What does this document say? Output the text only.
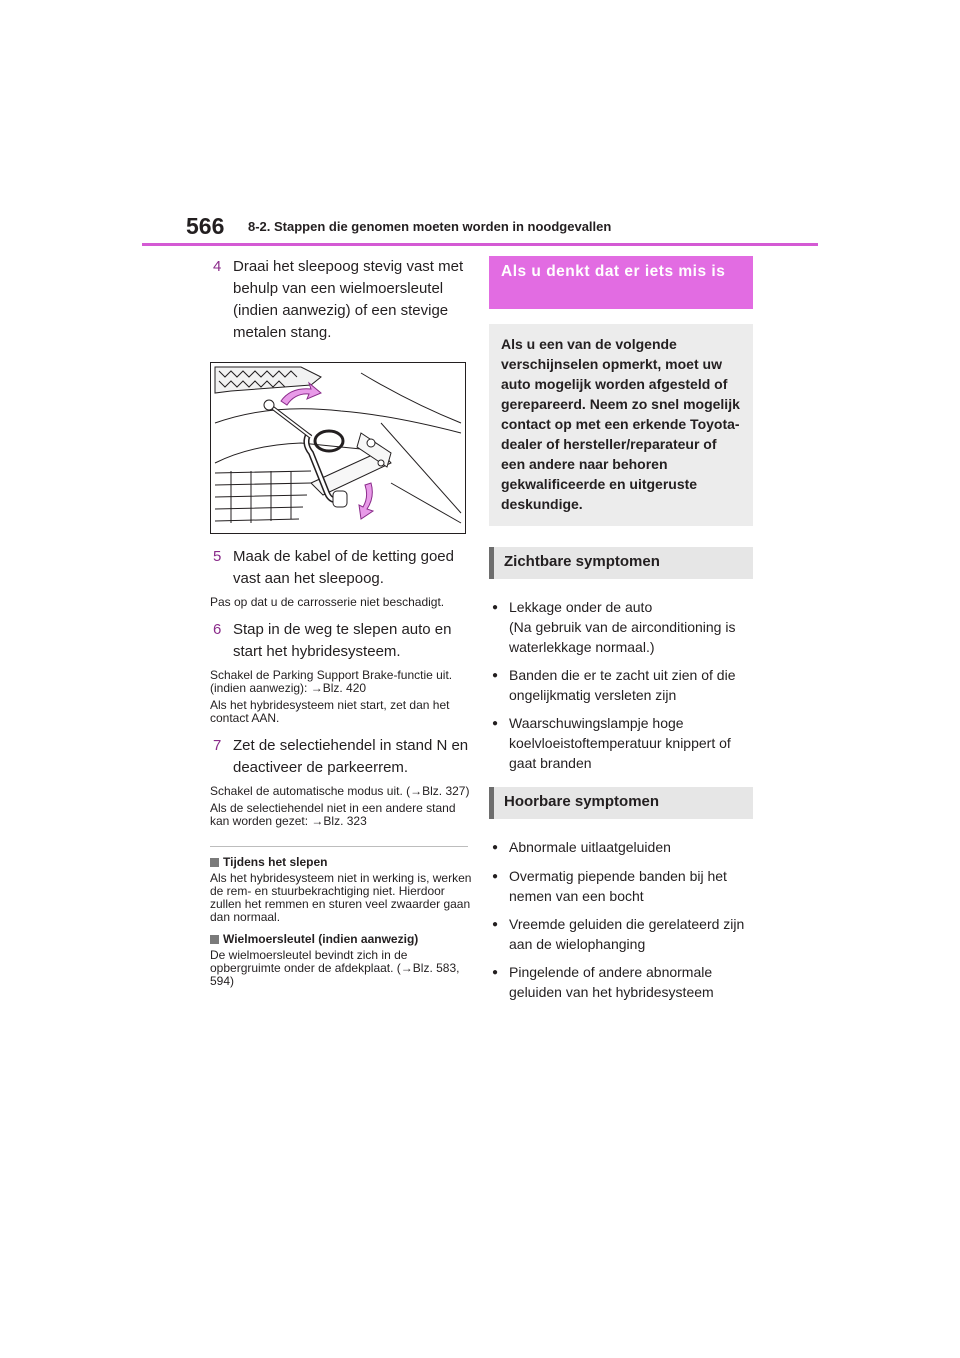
566 8-2. Stappen die genomen moeten worden in noodgevallen
4 Draai het sleepoog stevig vast met behulp van een wielmoersleutel (indien aanwezig) of een stevige metalen stang.
5 Maak de kabel of de ketting goed vast aan het sleepoog.

Pas op dat u de carrosserie niet beschadigt.

6 Stap in de weg te slepen auto en start het hybridesysteem.

Schakel de Parking Support Brake-functie uit. (indien aanwezig): →Blz. 420

Als het hybridesysteem niet start, zet dan het contact AAN.

7 Zet de selectiehendel in stand N en deactiveer de parkeerrem.

Schakel de automatische modus uit. (→Blz. 327)

Als de selectiehendel niet in een andere stand kan worden gezet: →Blz. 323

Tijdens het slepen

Als het hybridesysteem niet in werking is, werken de rem- en stuurbekrachtiging niet. Hierdoor zullen het remmen en sturen veel zwaarder gaan dan normaal.

Wielmoersleutel (indien aanwezig)

De wielmoersleutel bevindt zich in de opbergruimte onder de afdekplaat. (→Blz. 583, 594)

Als u denkt dat er iets mis is
Als u een van de volgende verschijnselen opmerkt, moet uw auto mogelijk worden afgesteld of gerepareerd. Neem zo snel mogelijk contact op met een erkende Toyota-dealer of hersteller/reparateur of een andere naar behoren gekwalificeerde en uitgeruste deskundige.
Zichtbare symptomen
● Lekkage onder de auto
(Na gebruik van de airconditioning is waterlekkage normaal.)
● Banden die er te zacht uit zien of die ongelijkmatig versleten zijn
● Waarschuwingslampje hoge koelvloeistoftemperatuur knippert of gaat branden
Hoorbare symptomen
● Abnormale uitlaatgeluiden
● Overmatig piepende banden bij het nemen van een bocht
● Vreemde geluiden die gerelateerd zijn aan de wielophanging
● Pingelende of andere abnormale geluiden van het hybridesysteem
